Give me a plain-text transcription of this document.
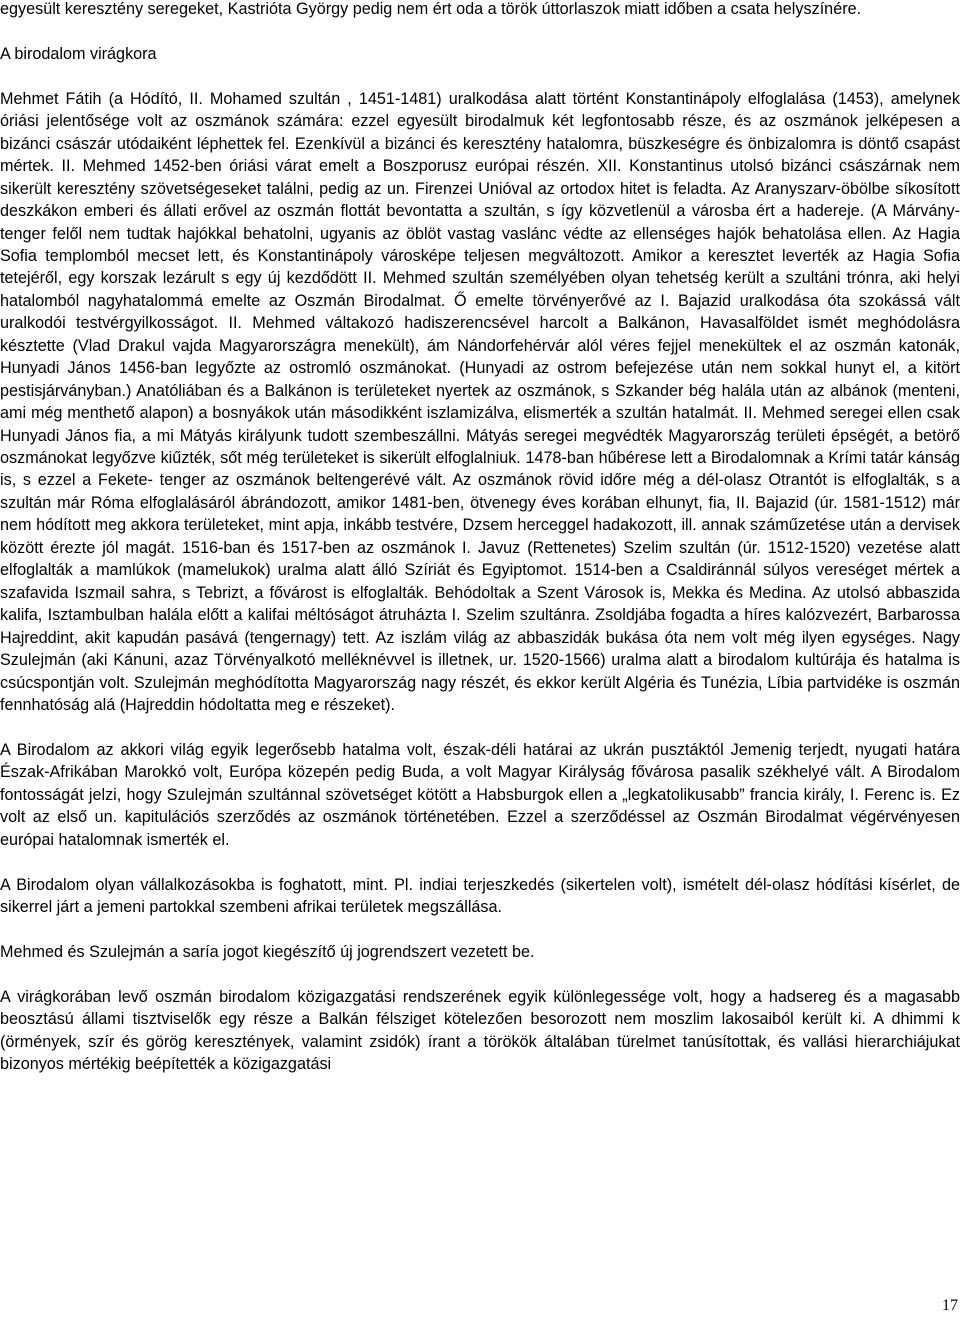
egyesült keresztény seregeket, Kastrióta György pedig nem ért oda a török úttorlaszok miatt időben a csata helyszínére.

A birodalom virágkora

Mehmet Fátih (a Hódító, II. Mohamed szultán , 1451-1481) uralkodása alatt történt Konstantinápoly elfoglalása (1453), amelynek óriási jelentősége volt az oszmánok számára: ezzel egyesült birodalmuk két legfontosabb része, és az oszmánok jelképesen a bizánci császár utódaiként léphettek fel. Ezenkívül a bizánci és keresztény hatalomra, büszkeségre és önbizalomra is döntő csapást mértek. II. Mehmed 1452-ben óriási várat emelt a Boszporusz európai részén. XII. Konstantinus utolsó bizánci császárnak nem sikerült keresztény szövetségeseket találni, pedig az un. Firenzei Unióval az ortodox hitet is feladta. Az Aranyszarv-öbölbe síkosított deszkákon emberi és állati erővel az oszmán flottát bevontatta a szultán, s így közvetlenül a városba ért a hadereje. (A Márvány-tenger felől nem tudtak hajókkal behatolni, ugyanis az öblöt vastag vaslánc védte az ellenséges hajók behatolása ellen. Az Hagia Sofia templomból mecset lett, és Konstantinápoly városképe teljesen megváltozott. Amikor a keresztet leverték az Hagia Sofia tetejéről, egy korszak lezárult s egy új kezdődött II. Mehmed szultán személyében olyan tehetség került a szultáni trónra, aki helyi hatalomból nagyhatalommá emelte az Oszmán Birodalmat. Ő emelte törvényerővé az I. Bajazid uralkodása óta szokássá vált uralkodói testvérgyilkosságot. II. Mehmed váltakozó hadiszerencsével harcolt a Balkánon, Havasalföldet ismét meghódolásra késztette (Vlad Drakul vajda Magyarországra menekült), ám Nándorfehérvár alól véres fejjel menekültek el az oszmán katonák, Hunyadi János 1456-ban legyőzte az ostromló oszmánokat. (Hunyadi az ostrom befejezése után nem sokkal hunyt el, a kitört pestisjárványban.) Anatóliában és a Balkánon is területeket nyertek az oszmánok, s Szkander bég halála után az albánok (menteni, ami még menthető alapon) a bosnyákok után másodikként iszlamizálva, elismerték a szultán hatalmát. II. Mehmed seregei ellen csak Hunyadi János fia, a mi Mátyás királyunk tudott szembeszállni. Mátyás seregei megvédték Magyarország területi épségét, a betörő oszmánokat legyőzve kiűzték, sőt még területeket is sikerült elfoglalniuk. 1478-ban hűbérese lett a Birodalomnak a Krími tatár kánság is, s ezzel a Fekete- tenger az oszmánok beltengerévé vált. Az oszmánok rövid időre még a dél-olasz Otrantót is elfoglalták, s a szultán már Róma elfoglalásáról ábrándozott, amikor 1481-ben, ötvenegy éves korában elhunyt, fia, II. Bajazid (úr. 1581-1512) már nem hódított meg akkora területeket, mint apja, inkább testvére, Dzsem herceggel hadakozott, ill. annak száműzetése után a dervisek között érezte jól magát. 1516-ban és 1517-ben az oszmánok I. Javuz (Rettenetes) Szelim szultán (úr. 1512-1520) vezetése alatt elfoglalták a mamlúkok (mamelukok) uralma alatt álló Szíriát és Egyiptomot. 1514-ben a Csaldiránnál súlyos vereséget mértek a szafavida Iszmail sahra, s Tebrizt, a fővárost is elfoglalták. Behódoltak a Szent Városok is, Mekka és Medina. Az utolsó abbaszida kalifa, Isztambulban halála előtt a kalifai méltóságot átruházta I. Szelim szultánra. Zsoldjába fogadta a híres kalózvezért, Barbarossa Hajreddint, akit kapudán pasává (tengernagy) tett. Az iszlám világ az abbaszidák bukása óta nem volt még ilyen egységes. Nagy Szulejmán (aki Kánuni, azaz Törvényalkotó melléknévvel is illetnek, ur. 1520-1566) uralma alatt a birodalom kultúrája és hatalma is csúcspontján volt. Szulejmán meghódította Magyarország nagy részét, és ekkor került Algéria és Tunézia, Líbia partvidéke is oszmán fennhatóság alá (Hajreddin hódoltatta meg e részeket).

A Birodalom az akkori világ egyik legerősebb hatalma volt, észak-déli határai az ukrán pusztáktól Jemenig terjedt, nyugati határa Észak-Afrikában Marokkó volt, Európa közepén pedig Buda, a volt Magyar Királyság fővárosa pasalik székhelyé vált. A Birodalom fontosságát jelzi, hogy Szulejmán szultánnal szövetséget kötött a Habsburgok ellen a „legkatolikusabb” francia király, I. Ferenc is. Ez volt az első un. kapitulációs szerződés az oszmánok történetében. Ezzel a szerződéssel az Oszmán Birodalmat végérvényesen európai hatalomnak ismerték el.

A Birodalom olyan vállalkozásokba is foghatott, mint. Pl. indiai terjeszkedés (sikertelen volt), ismételt dél-olasz hódítási kísérlet, de sikerrel járt a jemeni partokkal szembeni afrikai területek megszállása.

Mehmed és Szulejmán a saría jogot kiegészítő új jogrendszert vezetett be.

A virágkorában levő oszmán birodalom közigazgatási rendszerének egyik különlegessége volt, hogy a hadsereg és a magasabb beosztású állami tisztviselők egy része a Balkán félsziget kötelezően besorozott nem moszlim lakosaiból került ki. A dhimmi k (örmények, szír és görög keresztények, valamint zsidók) írant a törökök általában türelmet tanúsítottak, és vallási hierarchiájukat bizonyos mértékig beépítették a közigazgatási

17
